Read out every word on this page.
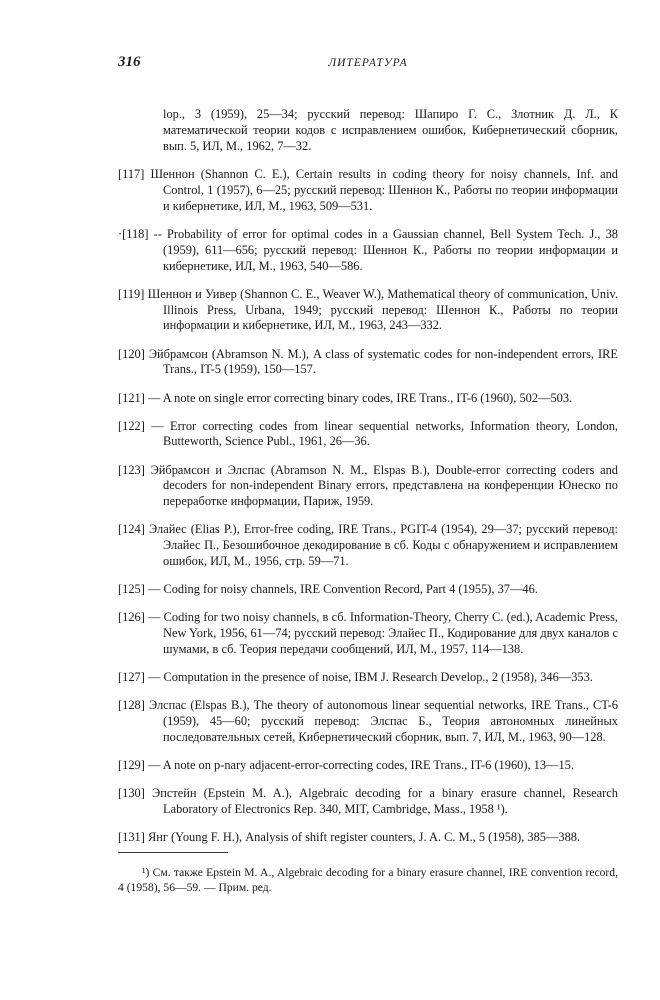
316	ЛИТЕРАТУРА

lop., 3 (1959), 25—34; русский перевод: Шапиро Г. С., Злотник Д. Л., К математической теории кодов с исправлением ошибок, Кибернетический сборник, вып. 5, ИЛ, М., 1962, 7—32.

[117] Шеннон (Shannon C. E.), Certain results in coding theory for noisy channels, Inf. and Control, 1 (1957), 6—25; русский перевод: Шеннон К., Работы по теории информации и кибернетике, ИЛ, М., 1963, 509—531.

·[118] -- Probability of error for optimal codes in a Gaussian channel, Bell System Tech. J., 38 (1959), 611—656; русский перевод: Шеннон К., Работы по теории информации и кибернетике, ИЛ, М., 1963, 540—586.

[119] Шеннон и Уивер (Shannon C. E., Weaver W.), Mathematical theory of communication, Univ. Illinois Press, Urbana, 1949; русский перевод: Шеннон К., Работы по теории информации и кибернетике, ИЛ, М., 1963, 243—332.

[120] Эйбрамсон (Abramson N. M.), A class of systematic codes for non-independent errors, IRE Trans., IT-5 (1959), 150—157.

[121] — A note on single error correcting binary codes, IRE Trans., IT-6 (1960), 502—503.

[122] — Error correcting codes from linear sequential networks, Information theory, London, Butteworth, Science Publ., 1961, 26—36.

[123] Эйбрамсон и Элспас (Abramson N. M., Elspas B.), Double-error correcting coders and decoders for non-independent Binary errors, представлена на конференции Юнеско по переработке информации, Париж, 1959.

[124] Элайес (Elias P.), Error-free coding, IRE Trans., PGIT-4 (1954), 29—37; русский перевод: Элайес П., Безошибочное декодирование в сб. Коды с обнаружением и исправлением ошибок, ИЛ, М., 1956, стр. 59—71.

[125] — Coding for noisy channels, IRE Convention Record, Part 4 (1955), 37—46.

[126] — Coding for two noisy channels, в сб. Information-Theory, Cherry C. (ed.), Academic Press, New York, 1956, 61—74; русский перевод: Элайес П., Кодирование для двух каналов с шумами, в сб. Теория передачи сообщений, ИЛ, М., 1957, 114—138.

[127] — Computation in the presence of noise, IBM J. Research Develop., 2 (1958), 346—353.

[128] Элспас (Elspas B.), The theory of autonomous linear sequential networks, IRE Trans., CT-6 (1959), 45—60; русский перевод: Элспас Б., Теория автономных линейных последовательных сетей, Кибернетический сборник, вып. 7, ИЛ, М., 1963, 90—128.

[129] — A note on p-nary adjacent-error-correcting codes, IRE Trans., IT-6 (1960), 13—15.

[130] Эпстейн (Epstein M. A.), Algebraic decoding for a binary erasure channel, Research Laboratory of Electronics Rep. 340, MIT, Cambridge, Mass., 1958 ¹).

[131] Янг (Young F. H.), Analysis of shift register counters, J. A. C. M., 5 (1958), 385—388.

¹) См. также Epstein M. A., Algebraic decoding for a binary erasure channel, IRE convention record, 4 (1958), 56—59. — Прим. ред.
